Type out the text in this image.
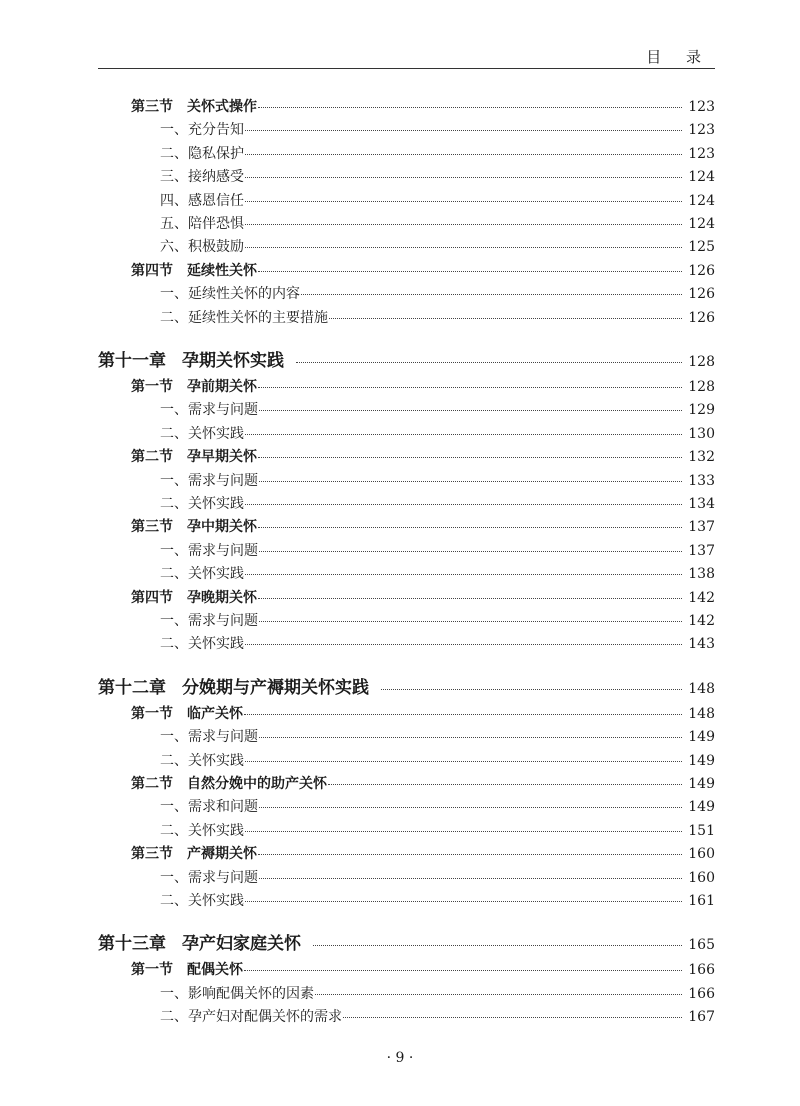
目 录
第三节 关怀式操作	123
一、充分告知	123
二、隐私保护	123
三、接纳感受	124
四、感恩信任	124
五、陪伴恐惧	124
六、积极鼓励	125
第四节 延续性关怀	126
一、延续性关怀的内容	126
二、延续性关怀的主要措施	126
第十一章 孕期关怀实践	128
第一节 孕前期关怀	128
一、需求与问题	129
二、关怀实践	130
第二节 孕早期关怀	132
一、需求与问题	133
二、关怀实践	134
第三节 孕中期关怀	137
一、需求与问题	137
二、关怀实践	138
第四节 孕晚期关怀	142
一、需求与问题	142
二、关怀实践	143
第十二章 分娩期与产褥期关怀实践	148
第一节 临产关怀	148
一、需求与问题	149
二、关怀实践	149
第二节 自然分娩中的助产关怀	149
一、需求和问题	149
二、关怀实践	151
第三节 产褥期关怀	160
一、需求与问题	160
二、关怀实践	161
第十三章 孕产妇家庭关怀	165
第一节 配偶关怀	166
一、影响配偶关怀的因素	166
二、孕产妇对配偶关怀的需求	167
· 9 ·
